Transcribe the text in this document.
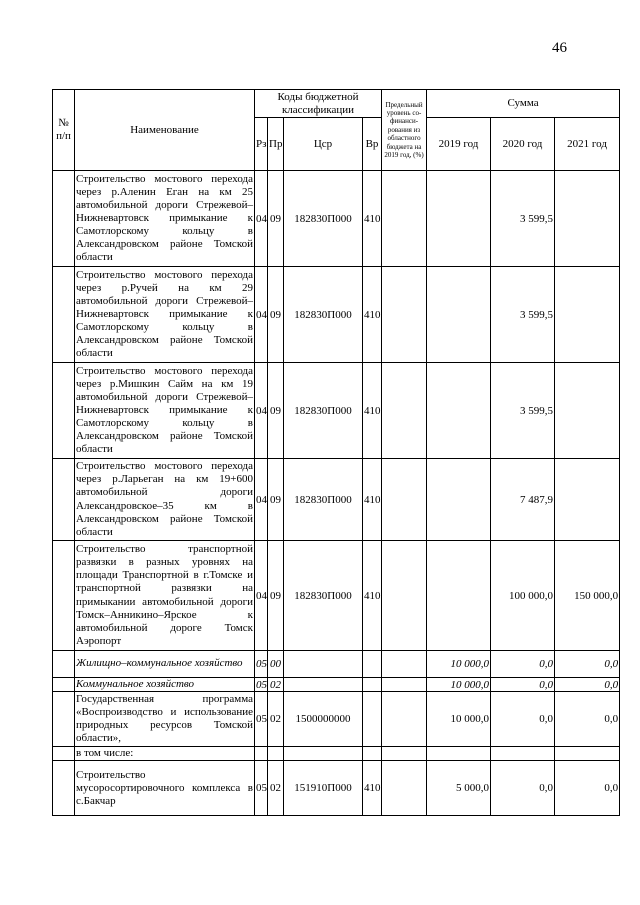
46
№ п/п	Наименование	Коды бюджетной классификации				Предельный уровень со- финанси- рования из областного бюджета на 2019 год, (%)	Сумма		
		Рз	Пр	Цср	Вр		2019 год	2020 год	2021 год
	Строительство мостового перехода через р.Аленин Еган на км 25 автомобильной дороги Стрежевой–Нижневартовск примыкание к Самотлорскому кольцу в Александровском районе Томской области	04	09	182830П000	410			3 599,5	
	Строительство мостового перехода через р.Ручей на км 29 автомобильной дороги Стрежевой–Нижневартовск примыкание к Самотлорскому кольцу в Александровском районе Томской области	04	09	182830П000	410			3 599,5	
	Строительство мостового перехода через р.Мишкин Сайм на км 19 автомобильной дороги Стрежевой–Нижневартовск примыкание к Самотлорскому кольцу в Александровском районе Томской области	04	09	182830П000	410			3 599,5	
	Строительство мостового перехода через р.Ларьеган на км 19+600 автомобильной дороги Александровское–35 км в Александровском районе Томской области	04	09	182830П000	410			7 487,9	
	Строительство транспортной развязки в разных уровнях на площади Транспортной в г.Томске и транспортной развязки на примыкании автомобильной дороги Томск–Анникино–Ярское к автомобильной дороге Томск Аэропорт	04	09	182830П000	410			100 000,0	150 000,0
	Жилищно–коммунальное хозяйство	05	00				10 000,0	0,0	0,0
	Коммунальное хозяйство	05	02				10 000,0	0,0	0,0
	Государственная программа «Воспроизводство и использование природных ресурсов Томской области»,	05	02	1500000000			10 000,0	0,0	0,0
	в том числе:								
	Строительство мусоросортировочного комплекса в с.Бакчар	05	02	151910П000	410		5 000,0	0,0	0,0
